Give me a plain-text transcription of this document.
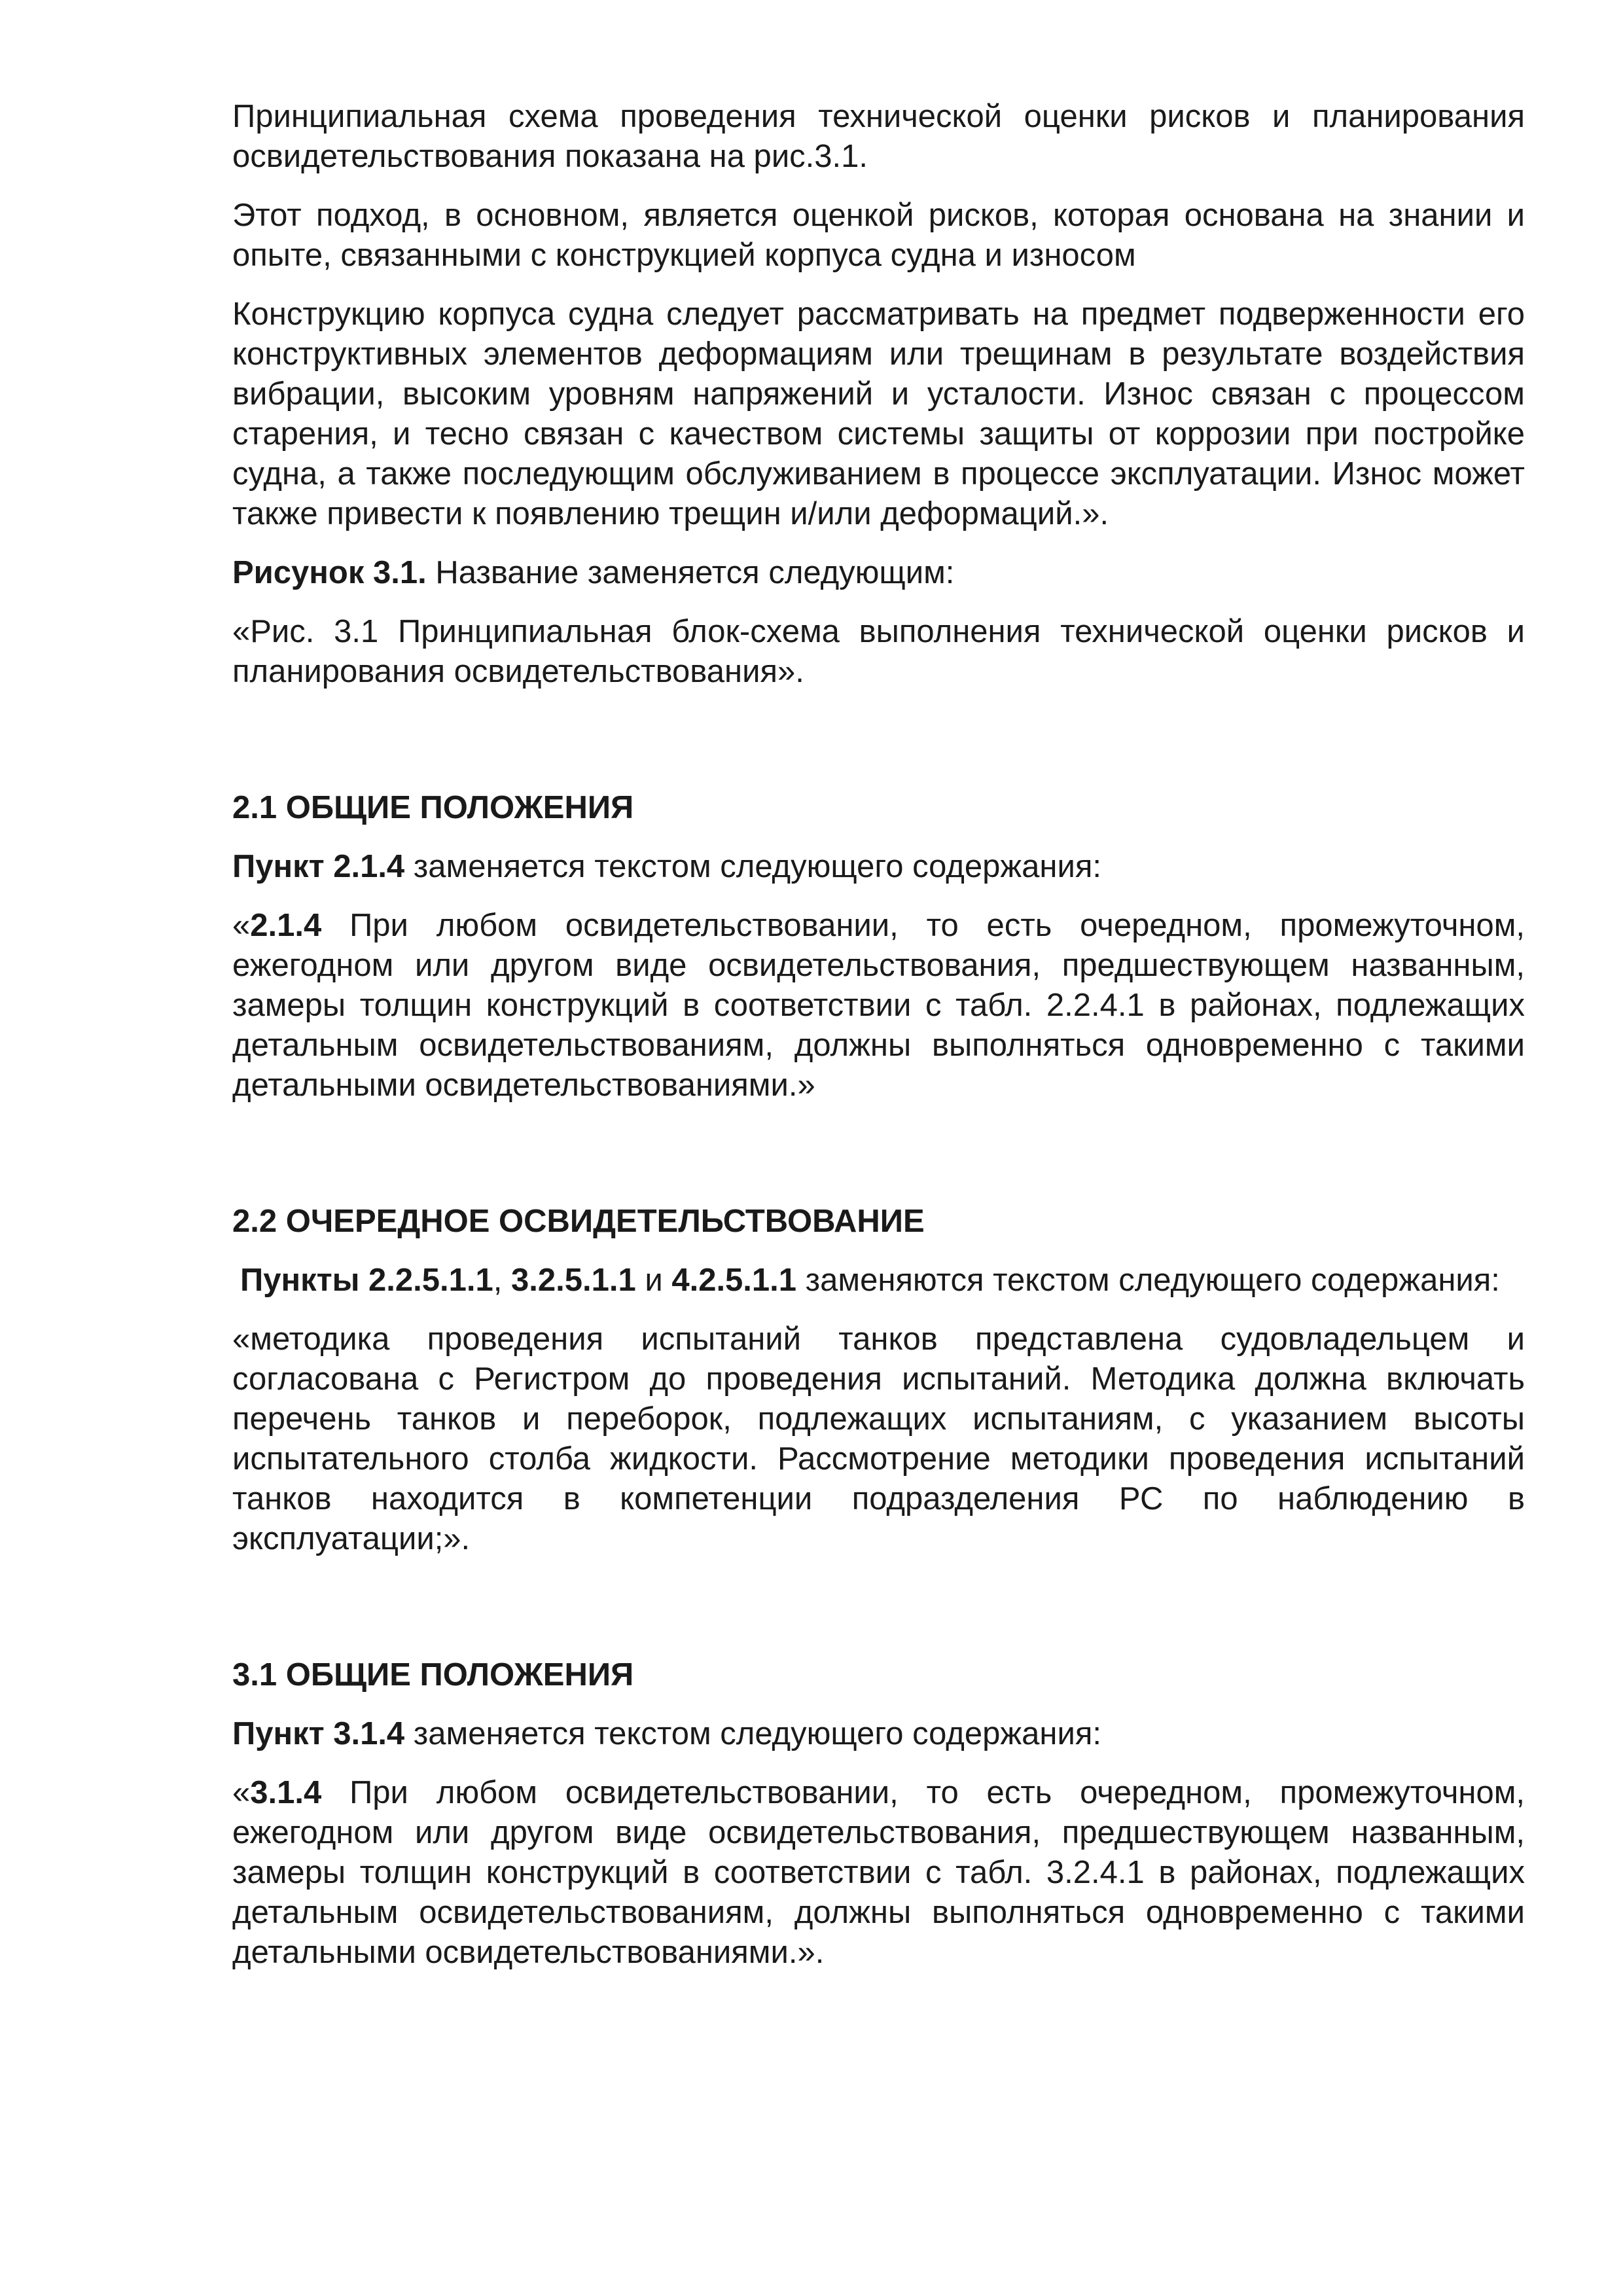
Принципиальная схема проведения технической оценки рисков и планирования освидетельствования показана на рис.3.1.

Этот подход, в основном, является оценкой рисков, которая основана на знании и опыте, связанными с конструкцией корпуса судна и износом

Конструкцию корпуса судна следует рассматривать на предмет подверженности его конструктивных элементов деформациям или трещинам в результате воздействия вибрации, высоким уровням напряжений и усталости. Износ связан с процессом старения, и тесно связан с качеством системы защиты от коррозии при постройке судна, а также последующим обслуживанием в процессе эксплуатации. Износ может также привести к появлению трещин и/или деформаций.».

Рисунок 3.1. Название заменяется следующим:

«Рис. 3.1 Принципиальная блок-схема выполнения технической оценки рисков и планирования освидетельствования».

2.1 ОБЩИЕ ПОЛОЖЕНИЯ

Пункт 2.1.4 заменяется текстом следующего содержания:

«2.1.4 При любом освидетельствовании, то есть очередном, промежуточном, ежегодном или другом виде освидетельствования, предшествующем названным, замеры толщин конструкций в соответствии с табл. 2.2.4.1 в районах, подлежащих детальным освидетельствованиям, должны выполняться одновременно с такими детальными освидетельствованиями.»

2.2 ОЧЕРЕДНОЕ ОСВИДЕТЕЛЬСТВОВАНИЕ

Пункты 2.2.5.1.1, 3.2.5.1.1 и 4.2.5.1.1 заменяются текстом следующего содержания:

«методика проведения испытаний танков представлена судовладельцем и согласована с Регистром до проведения испытаний. Методика должна включать перечень танков и переборок, подлежащих испытаниям, с указанием высоты испытательного столба жидкости. Рассмотрение методики проведения испытаний танков находится в компетенции подразделения РС по наблюдению в эксплуатации;».

3.1 ОБЩИЕ ПОЛОЖЕНИЯ

Пункт 3.1.4 заменяется текстом следующего содержания:

«3.1.4 При любом освидетельствовании, то есть очередном, промежуточном, ежегодном или другом виде освидетельствования, предшествующем названным, замеры толщин конструкций в соответствии с табл. 3.2.4.1 в районах, подлежащих детальным освидетельствованиям, должны выполняться одновременно с такими детальными освидетельствованиями.».
